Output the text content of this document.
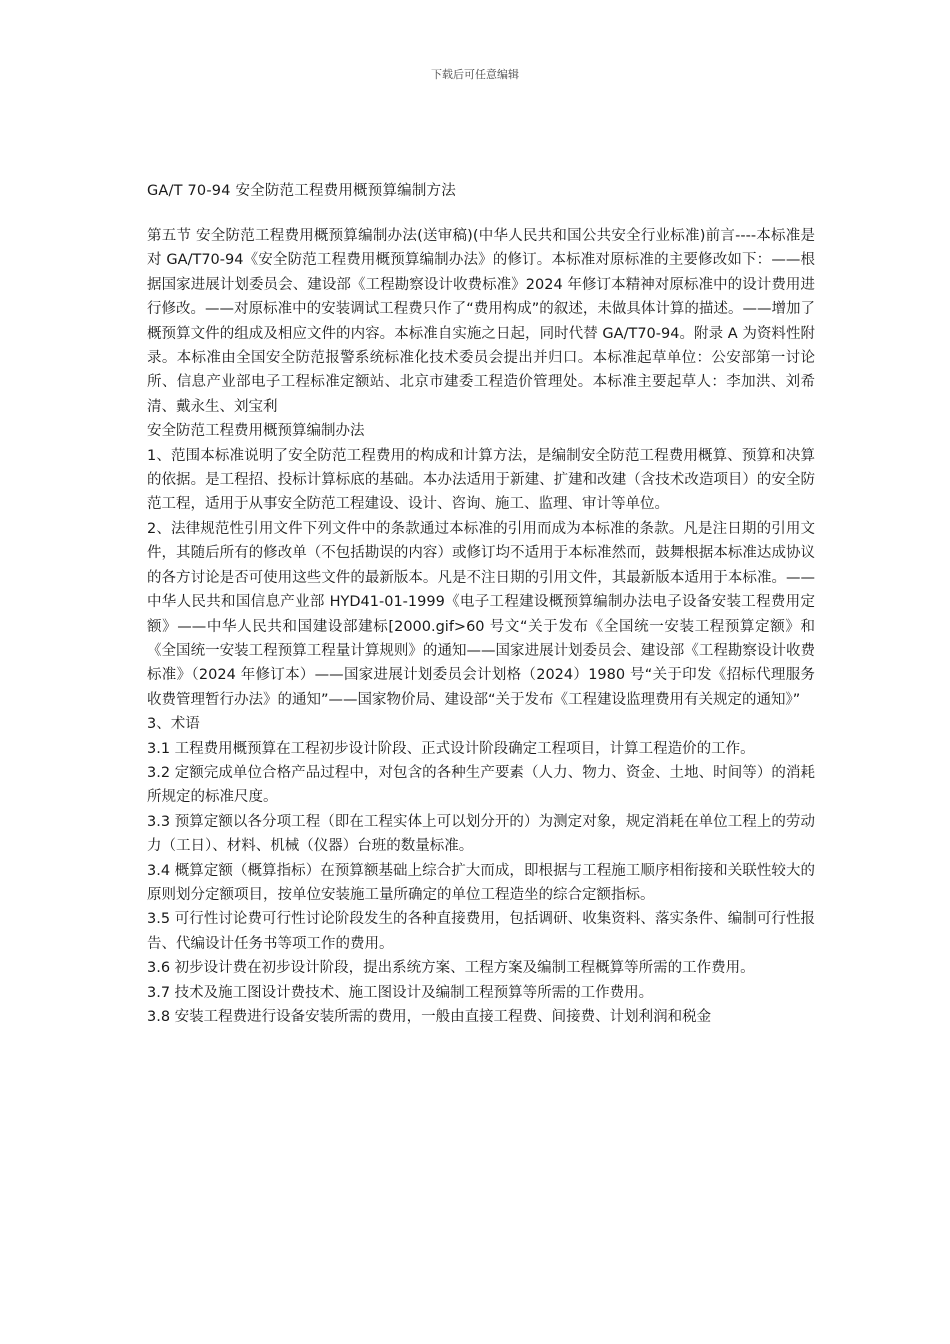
下载后可任意编辑
GA/T 70-94 安全防范工程费用概预算编制方法

第五节 安全防范工程费用概预算编制办法(送审稿)(中华人民共和国公共安全行业标准)前言----本标准是对 GA/T70-94《安全防范工程费用概预算编制办法》的修订。本标准对原标准的主要修改如下：——根据国家进展计划委员会、建设部《工程勘察设计收费标准》2024 年修订本精神对原标准中的设计费用进行修改。——对原标准中的安装调试工程费只作了“费用构成”的叙述，未做具体计算的描述。——增加了概预算文件的组成及相应文件的内容。本标准自实施之日起，同时代替 GA/T70-94。附录 A 为资料性附录。本标准由全国安全防范报警系统标准化技术委员会提出并归口。本标准起草单位：公安部第一讨论所、信息产业部电子工程标准定额站、北京市建委工程造价管理处。本标准主要起草人：李加洪、刘希清、戴永生、刘宝利

安全防范工程费用概预算编制办法

1、范围本标准说明了安全防范工程费用的构成和计算方法，是编制安全防范工程费用概算、预算和决算的依据。是工程招、投标计算标底的基础。本办法适用于新建、扩建和改建（含技术改造项目）的安全防范工程，适用于从事安全防范工程建设、设计、咨询、施工、监理、审计等单位。

2、法律规范性引用文件下列文件中的条款通过本标准的引用而成为本标准的条款。凡是注日期的引用文件，其随后所有的修改单（不包括勘误的内容）或修订均不适用于本标准然而，鼓舞根据本标准达成协议的各方讨论是否可使用这些文件的最新版本。凡是不注日期的引用文件，其最新版本适用于本标准。——中华人民共和国信息产业部 HYD41-01-1999《电子工程建设概预算编制办法电子设备安装工程费用定额》——中华人民共和国建设部建标[2000.gif>60 号文“关于发布《全国统一安装工程预算定额》和《全国统一安装工程预算工程量计算规则》的通知——国家进展计划委员会、建设部《工程勘察设计收费标准》（2024 年修订本）——国家进展计划委员会计划格（2024）1980 号“关于印发《招标代理服务收费管理暂行办法》的通知”——国家物价局、建设部“关于发布《工程建设监理费用有关规定的通知》”

3、术语

3.1 工程费用概预算在工程初步设计阶段、正式设计阶段确定工程项目，计算工程造价的工作。

3.2 定额完成单位合格产品过程中，对包含的各种生产要素（人力、物力、资金、土地、时间等）的消耗所规定的标准尺度。

3.3 预算定额以各分项工程（即在工程实体上可以划分开的）为测定对象，规定消耗在单位工程上的劳动力（工日）、材料、机械（仪器）台班的数量标准。

3.4 概算定额（概算指标）在预算额基础上综合扩大而成，即根据与工程施工顺序相衔接和关联性较大的原则划分定额项目，按单位安装施工量所确定的单位工程造坐的综合定额指标。

3.5 可行性讨论费可行性讨论阶段发生的各种直接费用，包括调研、收集资料、落实条件、编制可行性报告、代编设计任务书等项工作的费用。

3.6 初步设计费在初步设计阶段，提出系统方案、工程方案及编制工程概算等所需的工作费用。

3.7 技术及施工图设计费技术、施工图设计及编制工程预算等所需的工作费用。

3.8 安装工程费进行设备安装所需的费用，一般由直接工程费、间接费、计划利润和税金
